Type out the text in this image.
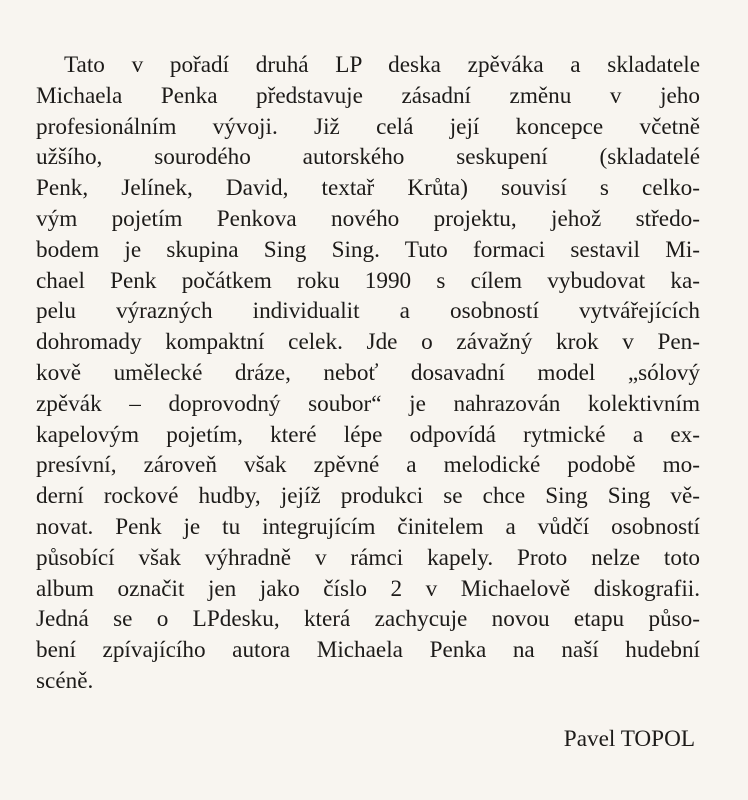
Tato v pořadí druhá LP deska zpěváka a skladatele
Michaela Penka představuje zásadní změnu v jeho
profesionálním vývoji. Již celá její koncepce včetně
užšího, sourodého autorského seskupení (skladatelé
Penk, Jelínek, David, textař Krůta) souvisí s celko-
vým pojetím Penkova nového projektu, jehož středo-
bodem je skupina Sing Sing. Tuto formaci sestavil Mi-
chael Penk počátkem roku 1990 s cílem vybudovat ka-
pelu výrazných individualit a osobností vytvářejících
dohromady kompaktní celek. Jde o závažný krok v Pen-
kově umělecké dráze, neboť dosavadní model „sólový
zpěvák – doprovodný soubor“ je nahrazován kolektivním
kapelovým pojetím, které lépe odpovídá rytmické a ex-
presívní, zároveň však zpěvné a melodické podobě mo-
derní rockové hudby, jejíž produkci se chce Sing Sing vě-
novat. Penk je tu integrujícím činitelem a vůdčí osobností
působící však výhradně v rámci kapely. Proto nelze toto
album označit jen jako číslo 2 v Michaelově diskografii.
Jedná se o LPdesku, která zachycuje novou etapu půso-
bení zpívajícího autora Michaela Penka na naší hudební
scéně.
Pavel TOPOL
